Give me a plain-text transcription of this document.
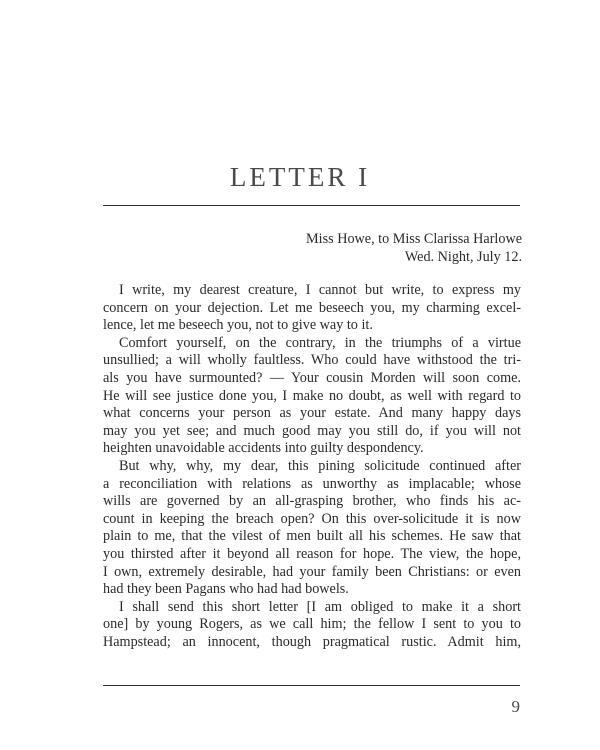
LETTER I
Miss Howe, to Miss Clarissa Harlowe
Wed. Night, July 12.
I write, my dearest creature, I cannot but write, to express my
concern on your dejection. Let me beseech you, my charming excel-
lence, let me beseech you, not to give way to it.
Comfort yourself, on the contrary, in the triumphs of a virtue
unsullied; a will wholly faultless. Who could have withstood the tri-
als you have surmounted? — Your cousin Morden will soon come.
He will see justice done you, I make no doubt, as well with regard to
what concerns your person as your estate. And many happy days
may you yet see; and much good may you still do, if you will not
heighten unavoidable accidents into guilty despondency.
But why, why, my dear, this pining solicitude continued after
a reconciliation with relations as unworthy as implacable; whose
wills are governed by an all-grasping brother, who finds his ac-
count in keeping the breach open? On this over-solicitude it is now
plain to me, that the vilest of men built all his schemes. He saw that
you thirsted after it beyond all reason for hope. The view, the hope,
I own, extremely desirable, had your family been Christians: or even
had they been Pagans who had had bowels.
I shall send this short letter [I am obliged to make it a short
one] by young Rogers, as we call him; the fellow I sent to you to
Hampstead; an innocent, though pragmatical rustic. Admit him,
9
